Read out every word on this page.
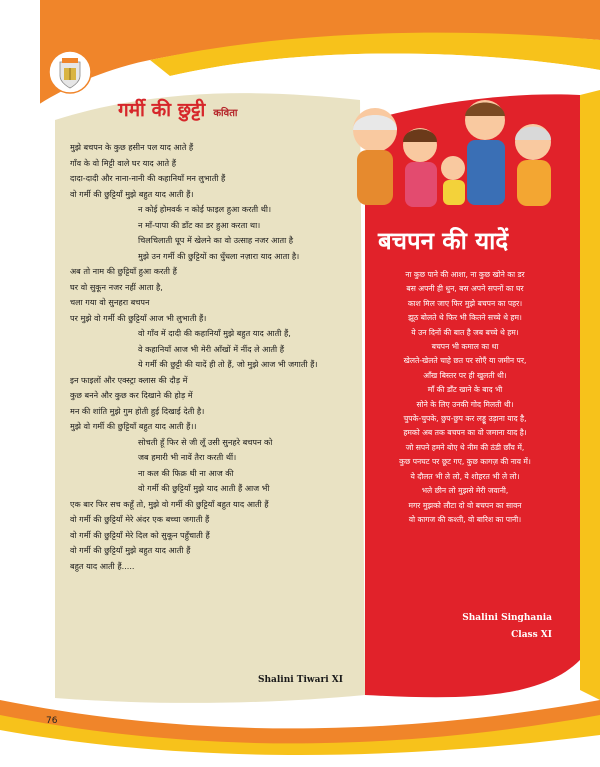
गर्मी की छुट्टी कविता
मुझे बचपन के कुछ हसीन पल याद आते हैं
गाँव के वो मिट्टी वाले घर याद आते हैं
दादा-दादी और नाना-नानी की कहानियाँ मन लुभाती हैं
वो गर्मी की छुट्टियाँ मुझे बहुत याद आती हैं।
न कोई होमवर्क न कोई फाइल हुआ करती थी।
न माँ-पापा की डाँट का डर हुआ करता था।
चिलचिलाती धूप में खेलने का वो उत्साह नजर आता है
मुझे उन गर्मी की छुट्टियों का धुँधला नज़ारा याद आता है।
अब तो नाम की छुट्टियाँ हुआ करती हैं
घर वो सुकून नजर नहीं आता है,
चला गया वो सुनहरा बचपन
पर मुझे वो गर्मी की छुट्टियाँ आज भी लुभाती हैं।
वो गाँव में दादी की कहानियाँ मुझे बहुत याद आती हैं,
वे कहानियाँ आज भी मेरी आँखों में नींद ले आती हैं
ये गर्मी की छुट्टी की यादें ही तो हैं, जो मुझे आज भी जगाती हैं।
इन फाइलों और एक्स्ट्रा क्लास की दौड़ में
कुछ बनने और कुछ कर दिखाने की होड़ में
मन की शांति मुझे गुम होती हुई दिखाई देती है।
मुझे वो गर्मी की छुट्टियाँ बहुत याद आती हैं।।
सोचती हूँ फिर से जी लूँ उसी सुनहरे बचपन को
जब हमारी भी नावें तैरा करती थीं।
ना कल की फिक्र थी ना आज की
वो गर्मी की छुट्टियाँ मुझे याद आती हैं आज भी
एक बार फिर सच कहूँ तो, मुझे वो गर्मी की छुट्टियाँ बहुत याद आती हैं
वो गर्मी की छुट्टियाँ मेरे अंदर एक बच्चा जगाती हैं
वो गर्मी की छुट्टियाँ मेरे दिल को सुकून पहुँचाती हैं
वो गर्मी की छुट्टियाँ मुझे बहुत याद आती हैं
बहुत याद आती हैं.....
Shalini Tiwari XI
बचपन की यादें
ना कुछ पाने की आशा, ना कुछ खोने का डर
बस अपनी ही धुन, बस अपने सपनों का घर
काश मिल जाए फिर मुझे बचपन का पहर।
झूठ बोलते थे फिर भी कितने सच्चे थे हम।
ये उन दिनों की बात है जब बच्चे थे हम।
बचपन भी कमाल का था
खेलते-खेलते चाहे छत पर सोएँ या जमीन पर,
आँख बिस्तर पर ही खुलती थी।
माँ की डाँट खाने के बाद भी
सोने के लिए उनकी गोद मिलती थी।
चुपके-चुपके, छुप-छुप कर लड्डू उड़ाना याद है,
हमको अब तक बचपन का वो जमाना याद है।
जो सपने हमने बोए थे नीम की ठंडी छाँव में,
कुछ पनघट पर छूट गए, कुछ कागज़ की नाव में।
ये दौलत भी ले लो, ये शोहरत भी ले लो।
भले छीन लो मुझसे मेरी जवानी,
मगर मुझको लौटा दो वो बचपन का सावन
वो कागज की कश्ती, वो बारिश का पानी।
Shalini Singhania
Class XI
76
